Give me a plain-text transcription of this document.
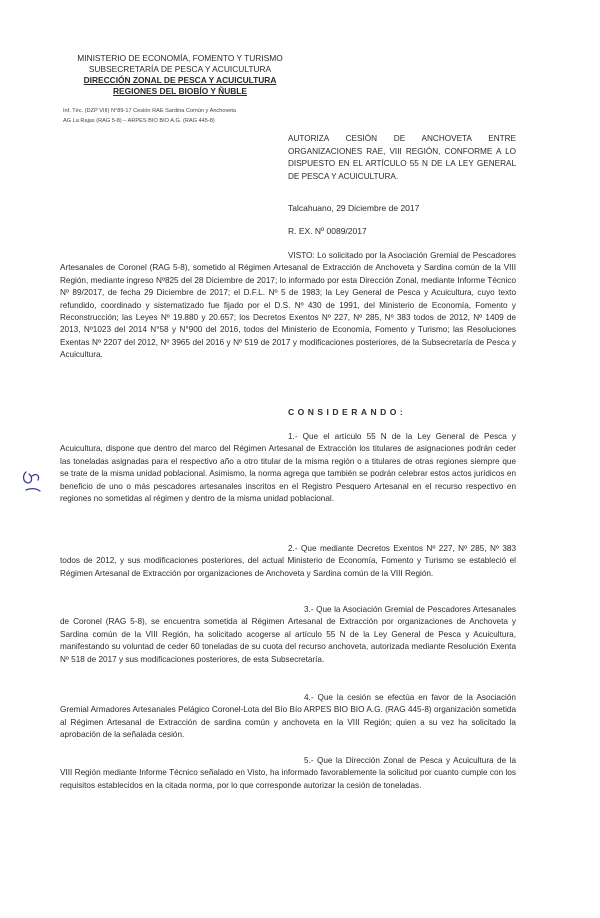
MINISTERIO DE ECONOMÍA, FOMENTO Y TURISMO
SUBSECRETARÍA DE PESCA Y ACUICULTURA
DIRECCIÓN ZONAL DE PESCA Y ACUICULTURA
REGIONES DEL BIOBÍO Y ÑUBLE
Inf. Téc. (DZP VIII) N°89-17 Cesión RAE Sardina Común y Anchoveta
AG La Rajas (RAG 5-8) – ARPES BIO BIO A.G. (RAG 445-8)
AUTORIZA CESIÓN DE ANCHOVETA ENTRE ORGANIZACIONES RAE, VIII REGIÓN, CONFORME A LO DISPUESTO EN EL ARTÍCULO 55 N DE LA LEY GENERAL DE PESCA Y ACUICULTURA.
Talcahuano, 29 Diciembre de 2017
R. EX. Nº 0089/2017

VISTO: Lo solicitado por la Asociación Gremial de Pescadores Artesanales de Coronel (RAG 5-8), sometido al Régimen Artesanal de Extracción de Anchoveta y Sardina común de la VIII Región, mediante ingreso Nº825 del 28 Diciembre de 2017; lo informado por esta Dirección Zonal, mediante Informe Técnico Nº 89/2017, de fecha 29 Diciembre de 2017; el D.F.L. Nº 5 de 1983; la Ley General de Pesca y Acuicultura, cuyo texto refundido, coordinado y sistematizado fue fijado por el D.S. Nº 430 de 1991, del Ministerio de Economía, Fomento y Reconstrucción; las Leyes Nº 19.880 y 20.657; los Decretos Exentos Nº 227, Nº 285, Nº 383 todos de 2012, Nº 1409 de 2013, Nº1023 del 2014 N°58 y N°900 del 2016, todos del Ministerio de Economía, Fomento y Turismo; las Resoluciones Exentas Nº 2207 del 2012, Nº 3965 del 2016 y Nº 519 de 2017 y modificaciones posteriores, de la Subsecretaría de Pesca y Acuicultura.

CONSIDERANDO:

1.- Que el artículo 55 N de la Ley General de Pesca y Acuicultura, dispone que dentro del marco del Régimen Artesanal de Extracción los titulares de asignaciones podrán ceder las toneladas asignadas para el respectivo año a otro titular de la misma región o a titulares de otras regiones siempre que se trate de la misma unidad poblacional. Asimismo, la norma agrega que también se podrán celebrar estos actos jurídicos en beneficio de uno o más pescadores artesanales inscritos en el Registro Pesquero Artesanal en el recurso respectivo en regiones no sometidas al régimen y dentro de la misma unidad poblacional.

2.- Que mediante Decretos Exentos Nº 227, Nº 285, Nº 383 todos de 2012, y sus modificaciones posteriores, del actual Ministerio de Economía, Fomento y Turismo se estableció el Régimen Artesanal de Extracción por organizaciones de Anchoveta y Sardina común de la VIII Región.

3.- Que la Asociación Gremial de Pescadores Artesanales de Coronel (RAG 5-8), se encuentra sometida al Régimen Artesanal de Extracción por organizaciones de Anchoveta y Sardina común de la VIII Región, ha solicitado acogerse al artículo 55 N de la Ley General de Pesca y Acuicultura, manifestando su voluntad de ceder 60 toneladas de su cuota del recurso anchoveta, autorizada mediante Resolución Exenta Nº 518 de 2017 y sus modificaciones posteriores, de esta Subsecretaría.

4.- Que la cesión se efectúa en favor de la Asociación Gremial Armadores Artesanales Pelágico Coronel-Lota del Bío Bío ARPES BIO BIO A.G. (RAG 445-8) organización sometida al Régimen Artesanal de Extracción de sardina común y anchoveta en la VIII Región; quien a su vez ha solicitado la aprobación de la señalada cesión.

5.- Que la Dirección Zonal de Pesca y Acuicultura de la VIII Región mediante Informe Técnico señalado en Visto, ha informado favorablemente la solicitud por cuanto cumple con los requisitos establecidos en la citada norma, por lo que corresponde autorizar la cesión de toneladas.
